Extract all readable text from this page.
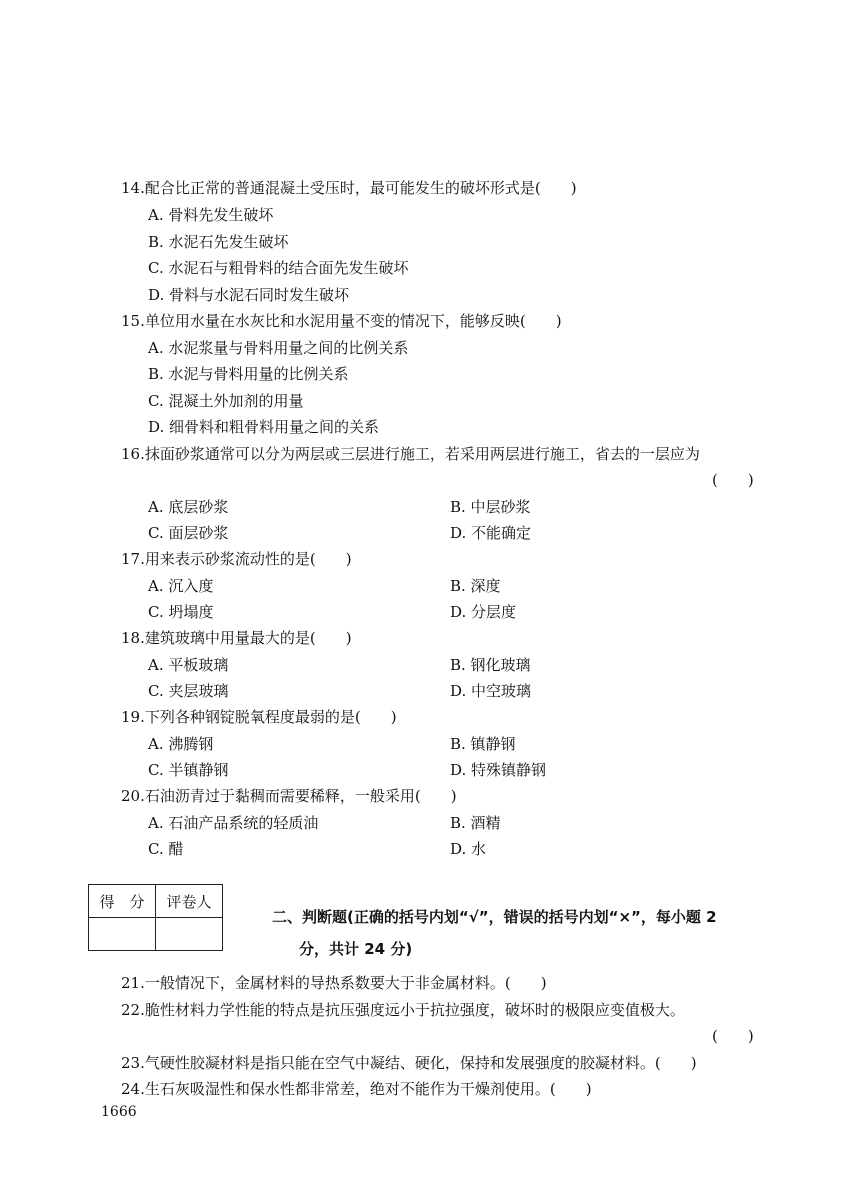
14.配合比正常的普通混凝土受压时，最可能发生的破坏形式是(　　)
A. 骨料先发生破坏
B. 水泥石先发生破坏
C. 水泥石与粗骨料的结合面先发生破坏
D. 骨料与水泥石同时发生破坏
15.单位用水量在水灰比和水泥用量不变的情况下，能够反映(　　)
A. 水泥浆量与骨料用量之间的比例关系
B. 水泥与骨料用量的比例关系
C. 混凝土外加剂的用量
D. 细骨料和粗骨料用量之间的关系
16.抹面砂浆通常可以分为两层或三层进行施工，若采用两层进行施工，省去的一层应为
(　　)
A. 底层砂浆	B. 中层砂浆
C. 面层砂浆	D. 不能确定
17.用来表示砂浆流动性的是(　　)
A. 沉入度	B. 深度
C. 坍塌度	D. 分层度
18.建筑玻璃中用量最大的是(　　)
A. 平板玻璃	B. 钢化玻璃
C. 夹层玻璃	D. 中空玻璃
19.下列各种钢锭脱氧程度最弱的是(　　)
A. 沸腾钢	B. 镇静钢
C. 半镇静钢	D. 特殊镇静钢
20.石油沥青过于黏稠而需要稀释，一般采用(　　)
A. 石油产品系统的轻质油	B. 酒精
C. 醋	D. 水
得　分	评卷人

二、判断题(正确的括号内划“√”，错误的括号内划“×”，每小题 2
分，共计 24 分)
21.一般情况下，金属材料的导热系数要大于非金属材料。(　　)
22.脆性材料力学性能的特点是抗压强度远小于抗拉强度，破坏时的极限应变值极大。
(　　)
23.气硬性胶凝材料是指只能在空气中凝结、硬化，保持和发展强度的胶凝材料。(　　)
24.生石灰吸湿性和保水性都非常差，绝对不能作为干燥剂使用。(　　)
1666
